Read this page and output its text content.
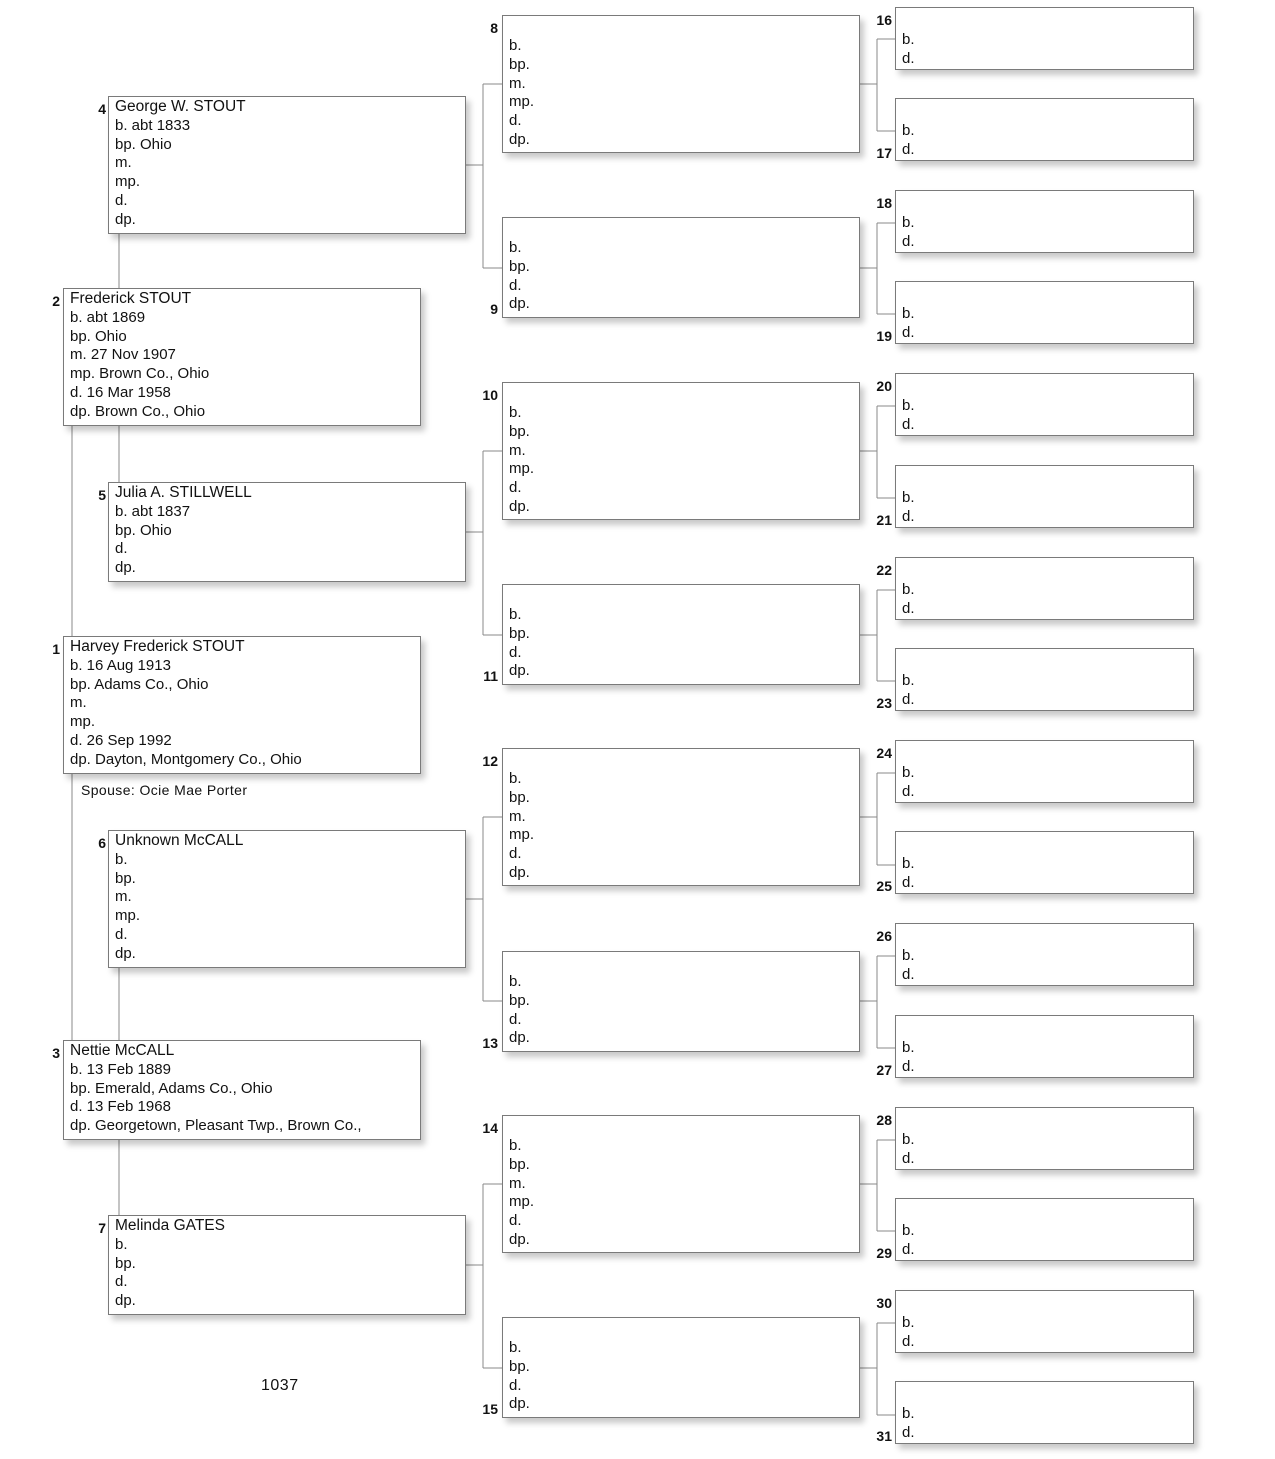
1 Harvey Frederick STOUT
b. 16 Aug 1913
bp. Adams Co., Ohio
m.
mp.
d. 26 Sep 1992
dp. Dayton, Montgomery Co., Ohio
Spouse: Ocie Mae Porter
2 Frederick STOUT
b. abt 1869
bp. Ohio
m. 27 Nov 1907
mp. Brown Co., Ohio
d. 16 Mar 1958
dp. Brown Co., Ohio
3 Nettie McCALL
b. 13 Feb 1889
bp. Emerald, Adams Co., Ohio
d. 13 Feb 1968
dp. Georgetown, Pleasant Twp., Brown Co.,
4 George W. STOUT
b. abt 1833
bp. Ohio
m.
mp.
d.
dp.
5 Julia A. STILLWELL
b. abt 1837
bp. Ohio
d.
dp.
6 Unknown McCALL
b.
bp.
m.
mp.
d.
dp.
7 Melinda GATES
b.
bp.
d.
dp.
8
b.
bp.
m.
mp.
d.
dp.
9
b.
bp.
d.
dp.
10
b.
bp.
m.
mp.
d.
dp.
11
b.
bp.
d.
dp.
12
b.
bp.
m.
mp.
d.
dp.
13
b.
bp.
d.
dp.
14
b.
bp.
m.
mp.
d.
dp.
15
b.
bp.
d.
dp.
16
b.
d.
17
b.
d.
18
b.
d.
19
b.
d.
20
b.
d.
21
b.
d.
22
b.
d.
23
b.
d.
24
b.
d.
25
b.
d.
26
b.
d.
27
b.
d.
28
b.
d.
29
b.
d.
30
b.
d.
31
b.
d.
1037
